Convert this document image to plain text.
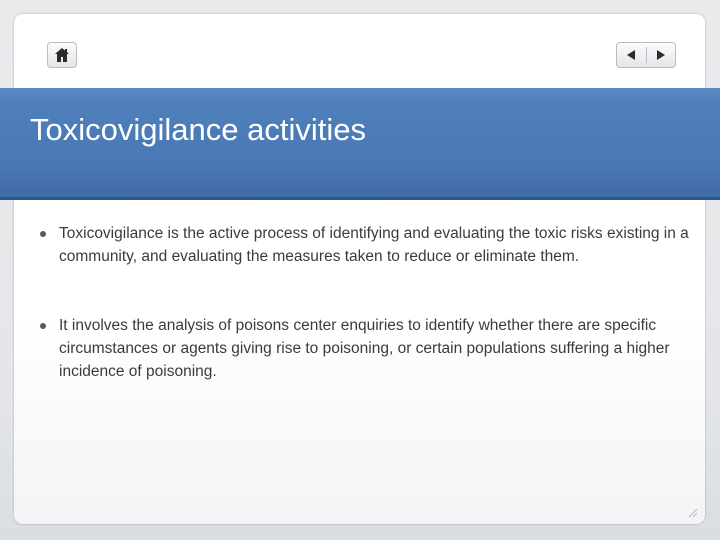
Toxicovigilance activities
Toxicovigilance is the active process of identifying and evaluating the toxic risks existing in a community, and evaluating the measures taken to reduce or eliminate them.
It involves the analysis of poisons center enquiries to identify whether there are specific circumstances or agents giving rise to poisoning, or certain populations suffering a higher incidence of poisoning.
